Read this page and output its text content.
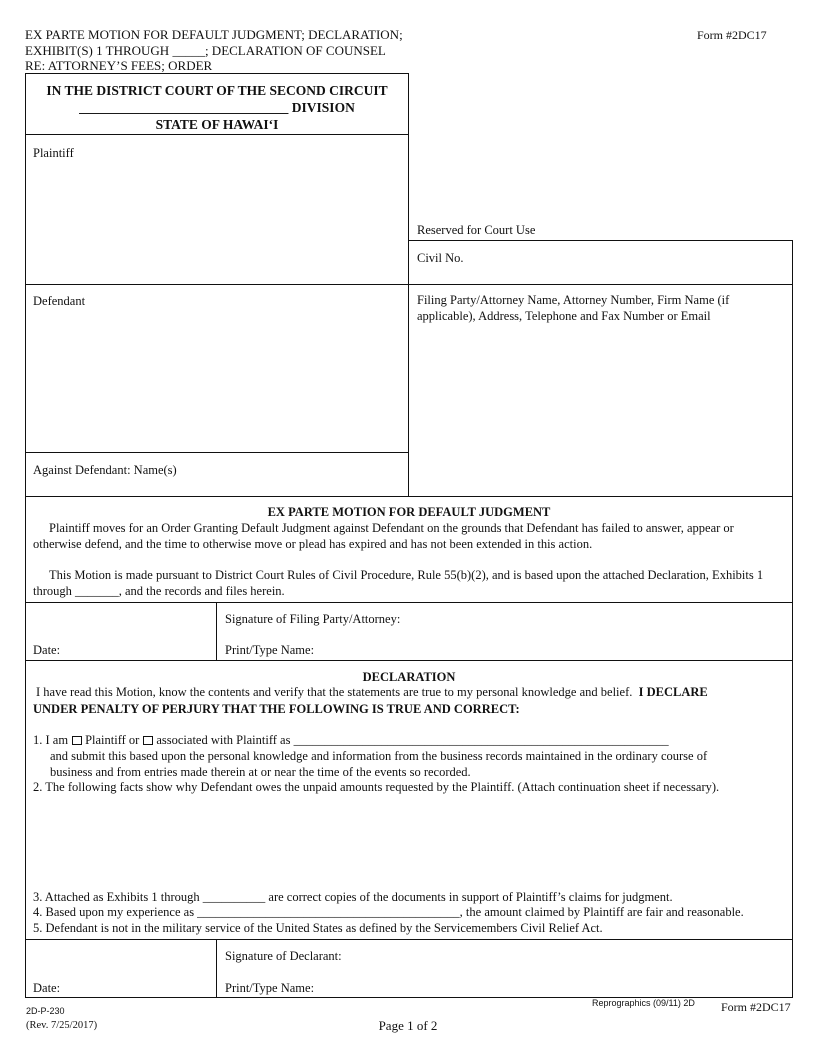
EX PARTE MOTION FOR DEFAULT JUDGMENT; DECLARATION;
EXHIBIT(S) 1 THROUGH _____; DECLARATION OF COUNSEL
RE: ATTORNEY’S FEES; ORDER
Form #2DC17
IN THE DISTRICT COURT OF THE SECOND CIRCUIT
_______________________________ DIVISION
STATE OF HAWAI‘I
Plaintiff
Defendant
Against Defendant: Name(s)
Reserved for Court Use
Civil No.
Filing Party/Attorney Name, Attorney Number, Firm Name (if applicable), Address, Telephone and Fax Number or Email
EX PARTE MOTION FOR DEFAULT JUDGMENT
Plaintiff moves for an Order Granting Default Judgment against Defendant on the grounds that Defendant has failed to answer, appear or otherwise defend, and the time to otherwise move or plead has expired and has not been extended in this action.
This Motion is made pursuant to District Court Rules of Civil Procedure, Rule 55(b)(2), and is based upon the attached Declaration, Exhibits 1 through _______, and the records and files herein.
Signature of Filing Party/Attorney:
Date:	Print/Type Name:
DECLARATION
I have read this Motion, know the contents and verify that the statements are true to my personal knowledge and belief. I DECLARE
UNDER PENALTY OF PERJURY THAT THE FOLLOWING IS TRUE AND CORRECT:
1. I am Plaintiff or associated with Plaintiff as ____________________________________________________________
and submit this based upon the personal knowledge and information from the business records maintained in the ordinary course of
business and from entries made therein at or near the time of the events so recorded.
2. The following facts show why Defendant owes the unpaid amounts requested by the Plaintiff. (Attach continuation sheet if necessary).
3. Attached as Exhibits 1 through __________ are correct copies of the documents in support of Plaintiff’s claims for judgment.
4. Based upon my experience as __________________________________________, the amount claimed by Plaintiff are fair and reasonable.
5. Defendant is not in the military service of the United States as defined by the Servicemembers Civil Relief Act.
Signature of Declarant:
Date:	Print/Type Name:
2D-P-230
(Rev. 7/25/2017)	Page 1 of 2
Reprographics (09/11) 2D Form #2DC17
